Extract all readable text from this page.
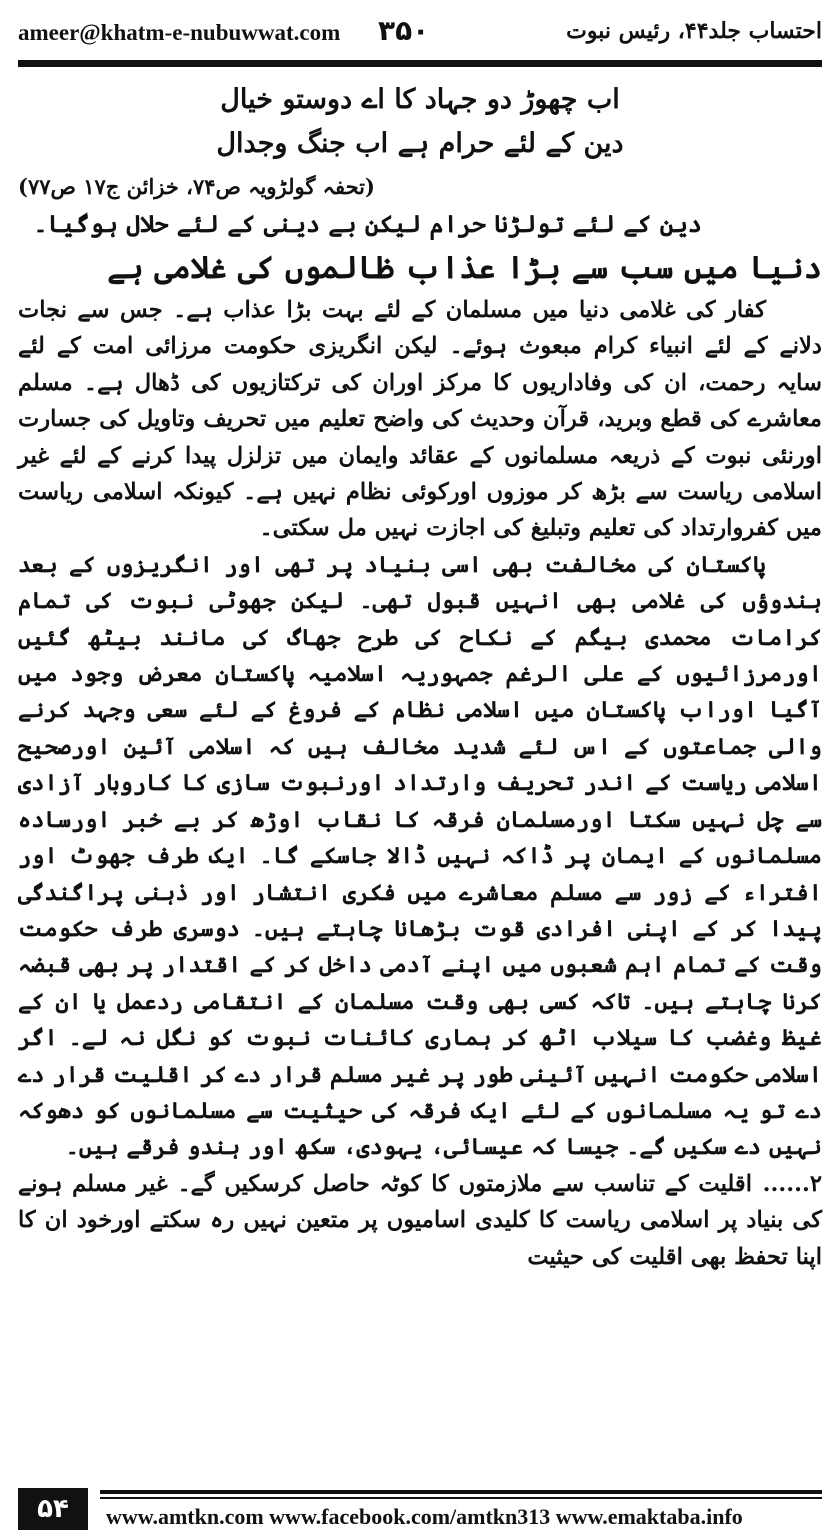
ameer@khatm-e-nubuwwat.com ۳۵۰	احتساب جلد۴۴، رئیس نبوت
اب چھوڑ دو جہاد کا اے دوستو خیال
دین کے لئے حرام ہے اب جنگ وجدال
(تحفہ گولڑویہ ص۷۴، خزائن ج۱۷ ص۷۷)
دین کے لئے تولڑنا حرام لیکن بے دینی کے لئے حلال ہوگیا۔
دنیا میں سب سے بڑا عذاب ظالموں کی غلامی ہے

کفار کی غلامی دنیا میں مسلمان کے لئے بہت بڑا عذاب ہے۔ جس سے نجات دلانے کے لئے انبیاء کرام مبعوث ہوئے۔ لیکن انگریزی حکومت مرزائی امت کے لئے سایہ رحمت، ان کی وفاداریوں کا مرکز اوران کی ترکتازیوں کی ڈھال ہے۔ مسلم معاشرے کی قطع وبرید، قرآن وحدیث کی واضح تعلیم میں تحریف وتاویل کی جسارت اورنئی نبوت کے ذریعہ مسلمانوں کے عقائد وایمان میں تزلزل پیدا کرنے کے لئے غیر اسلامی ریاست سے بڑھ کر موزوں اورکوئی نظام نہیں ہے۔ کیونکہ اسلامی ریاست میں کفروارتداد کی تعلیم وتبلیغ کی اجازت نہیں مل سکتی۔

پاکستان کی مخالفت بھی اسی بنیاد پر تھی اور انگریزوں کے بعد ہندوؤں کی غلامی بھی انہیں قبول تھی۔ لیکن جھوٹی نبوت کی تمام کرامات محمدی بیگم کے نکاح کی طرح جھاگ کی مانند بیٹھ گئیں اورمرزائیوں کے علی الرغم جمہوریہ اسلامیہ پاکستان معرض وجود میں آگیا اوراب پاکستان میں اسلامی نظام کے فروغ کے لئے سعی وجہد کرنے والی جماعتوں کے اس لئے شدید مخالف ہیں کہ اسلامی آئین اورصحیح اسلامی ریاست کے اندر تحریف وارتداد اورنبوت سازی کا کاروبار آزادی سے چل نہیں سکتا اورمسلمان فرقہ کا نقاب اوڑھ کر بے خبر اورسادہ مسلمانوں کے ایمان پر ڈاکہ نہیں ڈالا جاسکے گا۔ ایک طرف جھوٹ اور افتراء کے زور سے مسلم معاشرے میں فکری انتشار اور ذہنی پراگندگی پیدا کر کے اپنی افرادی قوت بڑھانا چاہتے ہیں۔ دوسری طرف حکومت وقت کے تمام اہم شعبوں میں اپنے آدمی داخل کر کے اقتدار پر بھی قبضہ کرنا چاہتے ہیں۔ تاکہ کسی بھی وقت مسلمان کے انتقامی ردعمل یا ان کے غیظ وغضب کا سیلاب اٹھ کر ہماری کائنات نبوت کو نگل نہ لے۔ اگر اسلامی حکومت انہیں آئینی طور پر غیر مسلم قرار دے کر اقلیت قرار دے دے تو یہ مسلمانوں کے لئے ایک فرقہ کی حیثیت سے مسلمانوں کو دھوکہ نہیں دے سکیں گے۔ جیسا کہ عیسائی، یہودی، سکھ اور ہندو فرقے ہیں۔

۲......اقلیت کے تناسب سے ملازمتوں کا کوٹہ حاصل کرسکیں گے۔ غیر مسلم ہونے کی بنیاد پر اسلامی ریاست کا کلیدی اسامیوں پر متعین نہیں رہ سکتے اورخود ان کا اپنا تحفظ بھی اقلیت کی حیثیت

۵۴	www.amtkn.com www.facebook.com/amtkn313 www.emaktaba.info
